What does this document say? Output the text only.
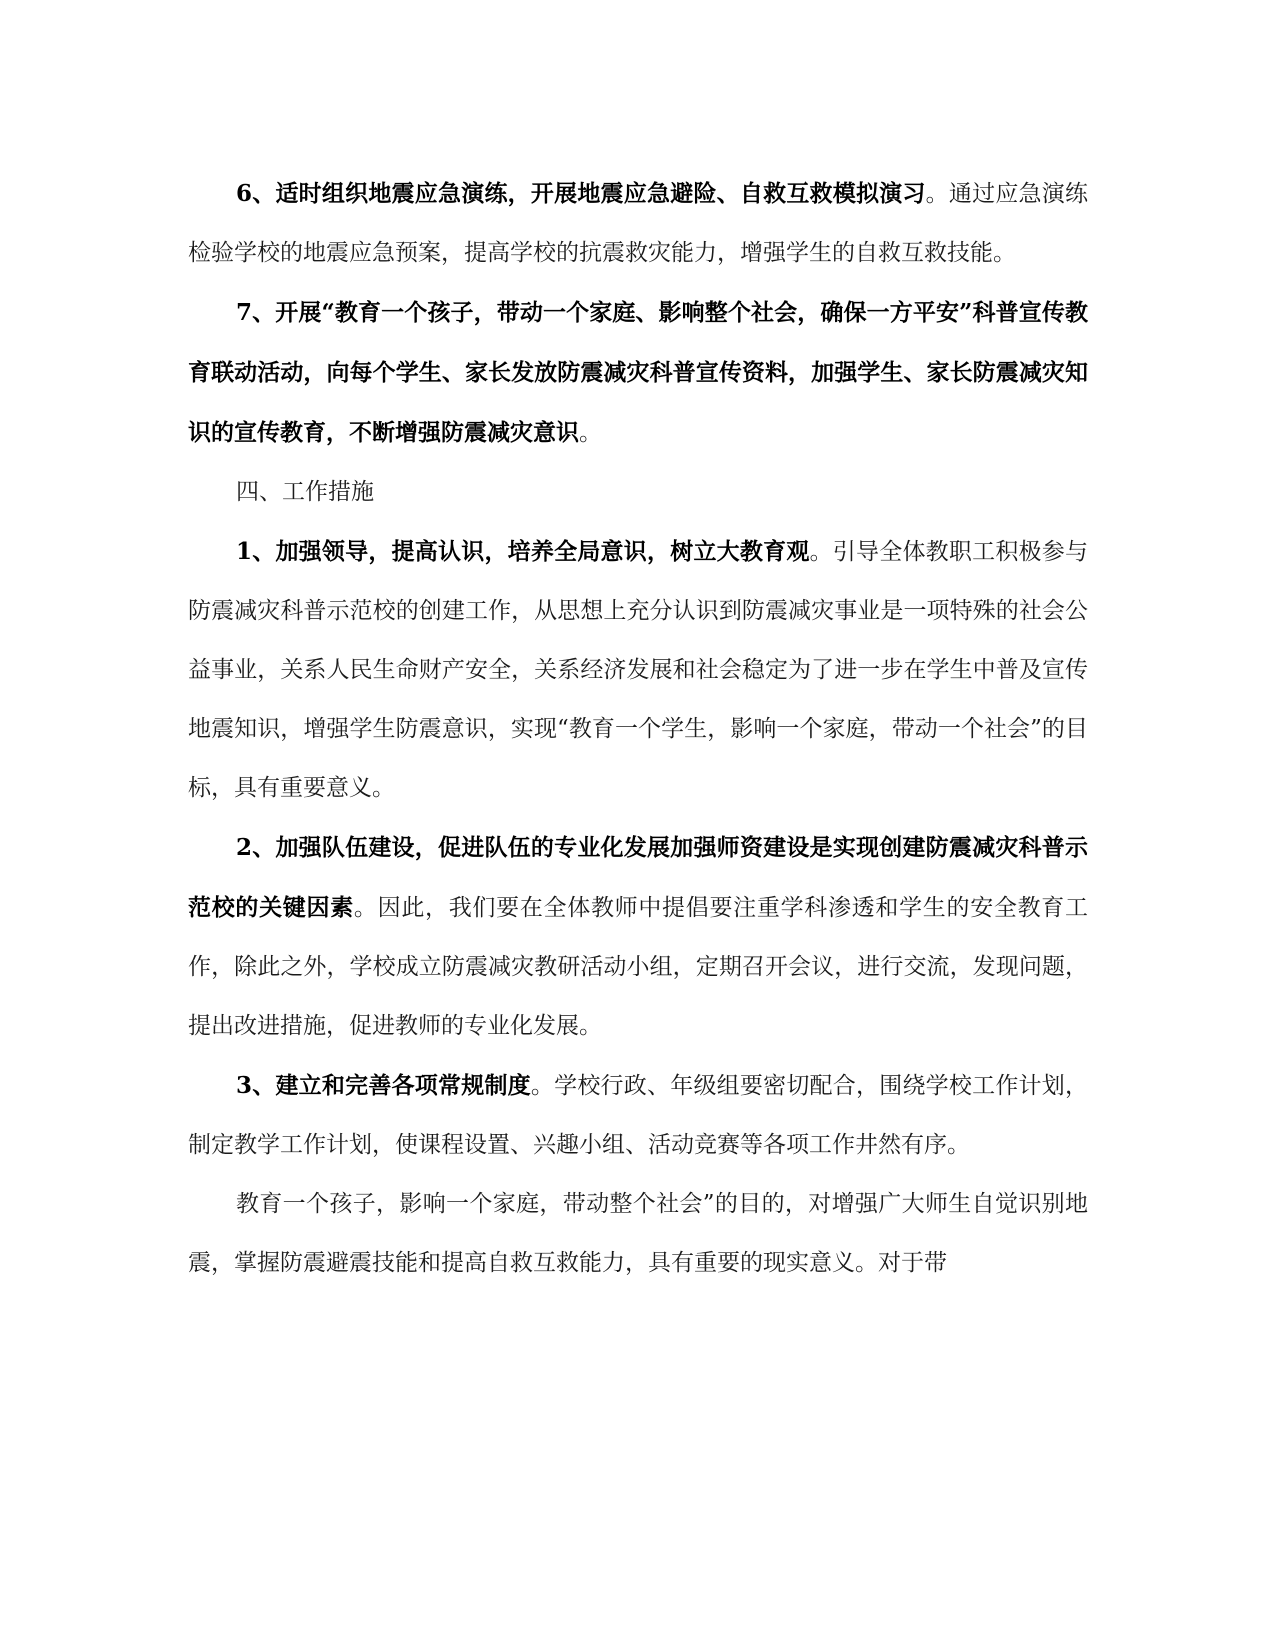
6、适时组织地震应急演练，开展地震应急避险、自救互救模拟演习。通过应急演练检验学校的地震应急预案，提高学校的抗震救灾能力，增强学生的自救互救技能。

7、开展“教育一个孩子，带动一个家庭、影响整个社会，确保一方平安”科普宣传教育联动活动，向每个学生、家长发放防震减灾科普宣传资料，加强学生、家长防震减灾知识的宣传教育，不断增强防震减灾意识。

四、工作措施

1、加强领导，提高认识，培养全局意识，树立大教育观。引导全体教职工积极参与防震减灾科普示范校的创建工作，从思想上充分认识到防震减灾事业是一项特殊的社会公益事业，关系人民生命财产安全，关系经济发展和社会稳定为了进一步在学生中普及宣传地震知识，增强学生防震意识，实现“教育一个学生，影响一个家庭，带动一个社会”的目标，具有重要意义。

2、加强队伍建设，促进队伍的专业化发展加强师资建设是实现创建防震减灾科普示范校的关键因素。因此，我们要在全体教师中提倡要注重学科渗透和学生的安全教育工作，除此之外，学校成立防震减灾教研活动小组，定期召开会议，进行交流，发现问题，提出改进措施，促进教师的专业化发展。

3、建立和完善各项常规制度。学校行政、年级组要密切配合，围绕学校工作计划，制定教学工作计划，使课程设置、兴趣小组、活动竞赛等各项工作井然有序。

教育一个孩子，影响一个家庭，带动整个社会”的目的，对增强广大师生自觉识别地震，掌握防震避震技能和提高自救互救能力，具有重要的现实意义。对于带
